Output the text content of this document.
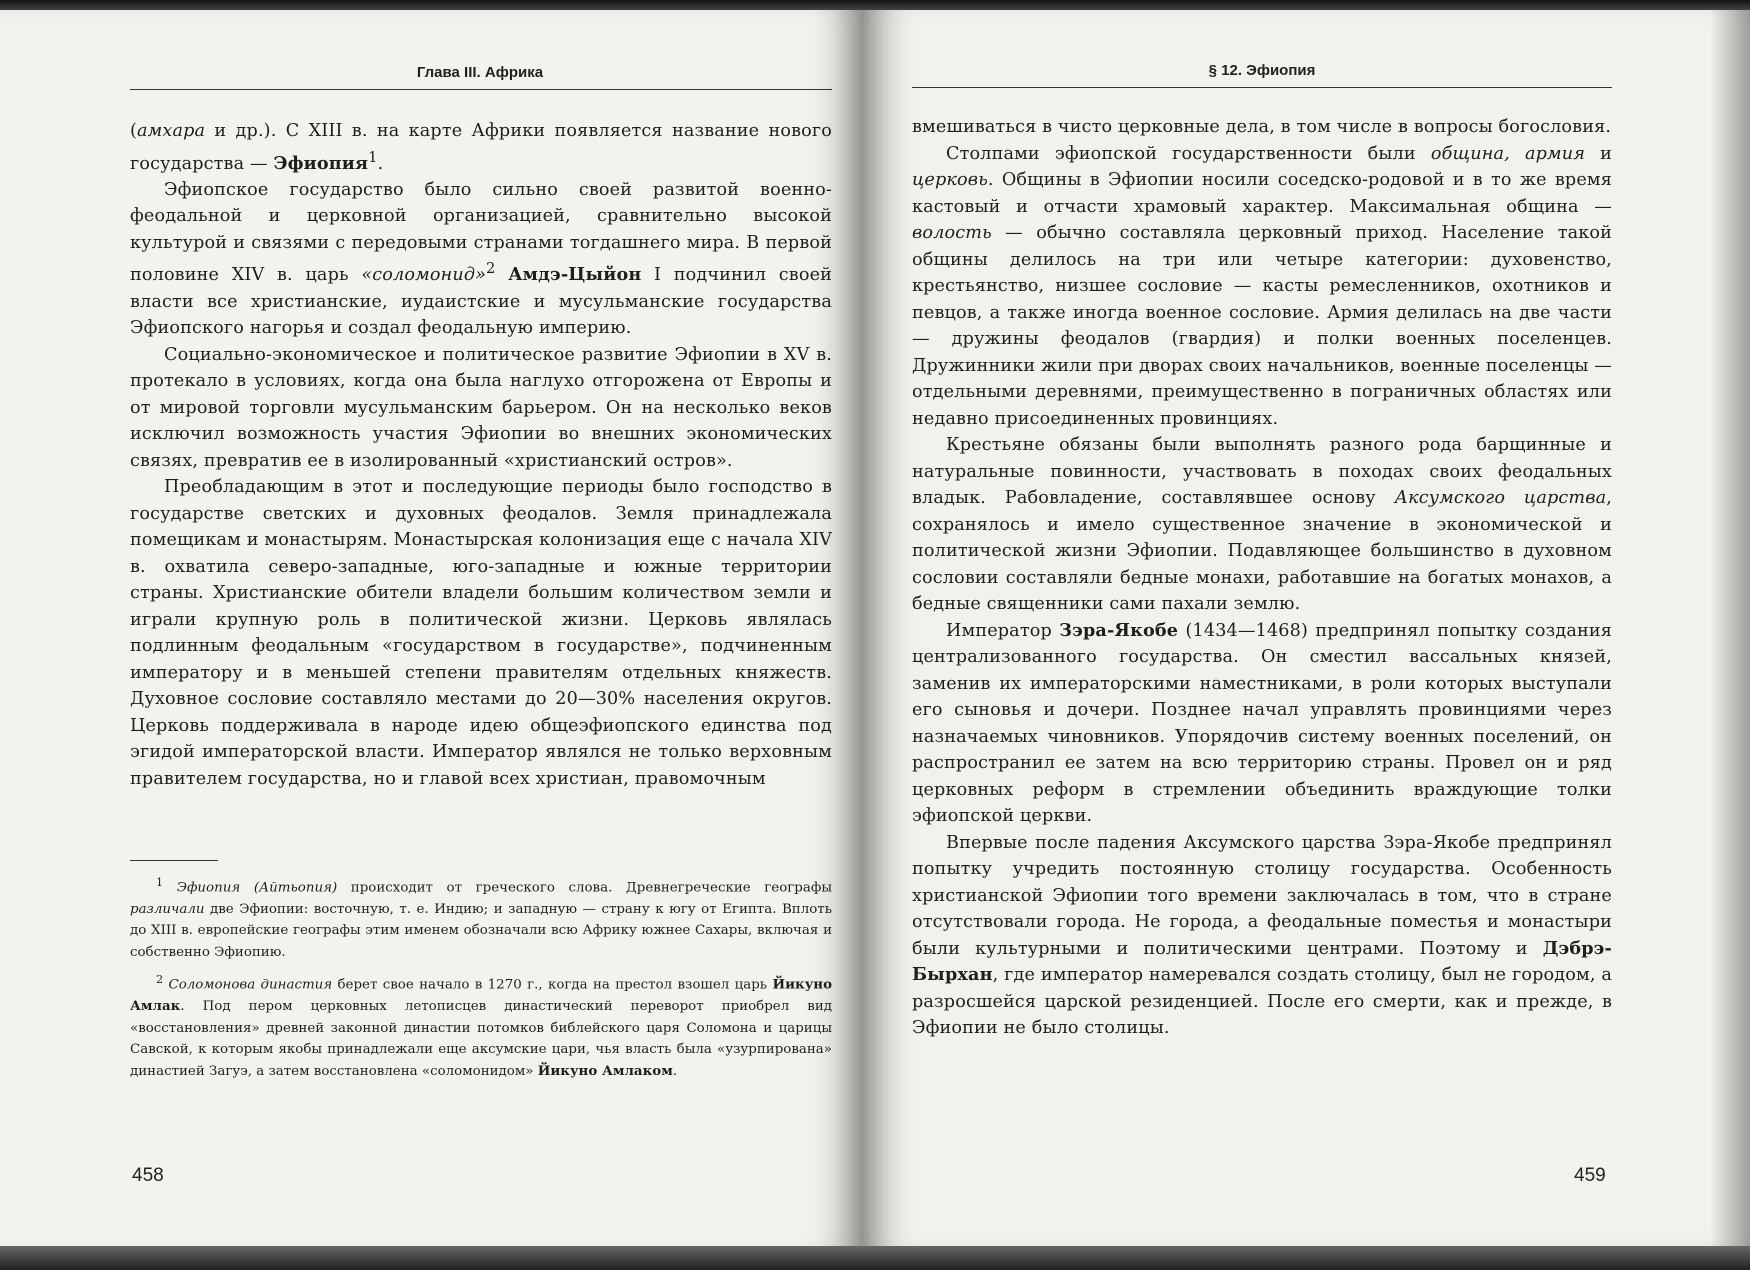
Глава III. Африка

(амхара и др.). С XIII в. на карте Африки появляется название нового государства — Эфиопия$^1$.

Эфиопское государство было сильно своей развитой военно-феодальной и церковной организацией, сравнительно высокой культурой и связями с передовыми странами тогдашнего мира. В первой половине XIV в. царь «соломонид»$^2$ Амдэ-Цыйон I подчинил своей власти все христианские, иудаистские и мусульманские государства Эфиопского нагорья и создал феодальную империю.

Социально-экономическое и политическое развитие Эфиопии в XV в. протекало в условиях, когда она была наглухо отгорожена от Европы и от мировой торговли мусульманским барьером. Он на несколько веков исключил возможность участия Эфиопии во внешних экономических связях, превратив ее в изолированный «христианский остров».

Преобладающим в этот и последующие периоды было господство в государстве светских и духовных феодалов. Земля принадлежала помещикам и монастырям. Монастырская колонизация еще с начала XIV в. охватила северо-западные, юго-западные и южные территории страны. Христианские обители владели большим количеством земли и играли крупную роль в политической жизни. Церковь являлась подлинным феодальным «государством в государстве», подчиненным императору и в меньшей степени правителям отдельных княжеств. Духовное сословие составляло местами до 20—30% населения округов. Церковь поддерживала в народе идею общеэфиопского единства под эгидой императорской власти. Император являлся не только верховным правителем государства, но и главой всех христиан, правомочным

$^1$ Эфиопия (Айтьопия) происходит от греческого слова. Древнегреческие географы различали две Эфиопии: восточную, т. е. Индию; и западную — страну к югу от Египта. Вплоть до XIII в. европейские географы этим именем обозначали всю Африку южнее Сахары, включая и собственно Эфиопию.

$^2$ Соломонова династия берет свое начало в 1270 г., когда на престол взошел царь Йикуно Амлак. Под пером церковных летописцев династический переворот приобрел вид «восстановления» древней законной династии потомков библейского царя Соломона и царицы Савской, к которым якобы принадлежали еще аксумские цари, чья власть была «узурпирована» династией Загуэ, а затем восстановлена «соломонидом» Йикуно Амлаком.

458
§ 12. Эфиопия

вмешиваться в чисто церковные дела, в том числе в вопросы богословия.

Столпами эфиопской государственности были община, армия и церковь. Общины в Эфиопии носили соседско-родовой и в то же время кастовый и отчасти храмовый характер. Максимальная община — волость — обычно составляла церковный приход. Население такой общины делилось на три или четыре категории: духовенство, крестьянство, низшее сословие — касты ремесленников, охотников и певцов, а также иногда военное сословие. Армия делилась на две части — дружины феодалов (гвардия) и полки военных поселенцев. Дружинники жили при дворах своих начальников, военные поселенцы — отдельными деревнями, преимущественно в пограничных областях или недавно присоединенных провинциях.

Крестьяне обязаны были выполнять разного рода барщинные и натуральные повинности, участвовать в походах своих феодальных владык. Рабовладение, составлявшее основу Аксумского царства, сохранялось и имело существенное значение в экономической и политической жизни Эфиопии. Подавляющее большинство в духовном сословии составляли бедные монахи, работавшие на богатых монахов, а бедные священники сами пахали землю.

Император Зэра-Якобе (1434—1468) предпринял попытку создания централизованного государства. Он сместил вассальных князей, заменив их императорскими наместниками, в роли которых выступали его сыновья и дочери. Позднее начал управлять провинциями через назначаемых чиновников. Упорядочив систему военных поселений, он распространил ее затем на всю территорию страны. Провел он и ряд церковных реформ в стремлении объединить враждующие толки эфиопской церкви.

Впервые после падения Аксумского царства Зэра-Якобе предпринял попытку учредить постоянную столицу государства. Особенность христианской Эфиопии того времени заключалась в том, что в стране отсутствовали города. Не города, а феодальные поместья и монастыри были культурными и политическими центрами. Поэтому и Дэбрэ-Бырхан, где император намеревался создать столицу, был не городом, а разросшейся царской резиденцией. После его смерти, как и прежде, в Эфиопии не было столицы.

459
